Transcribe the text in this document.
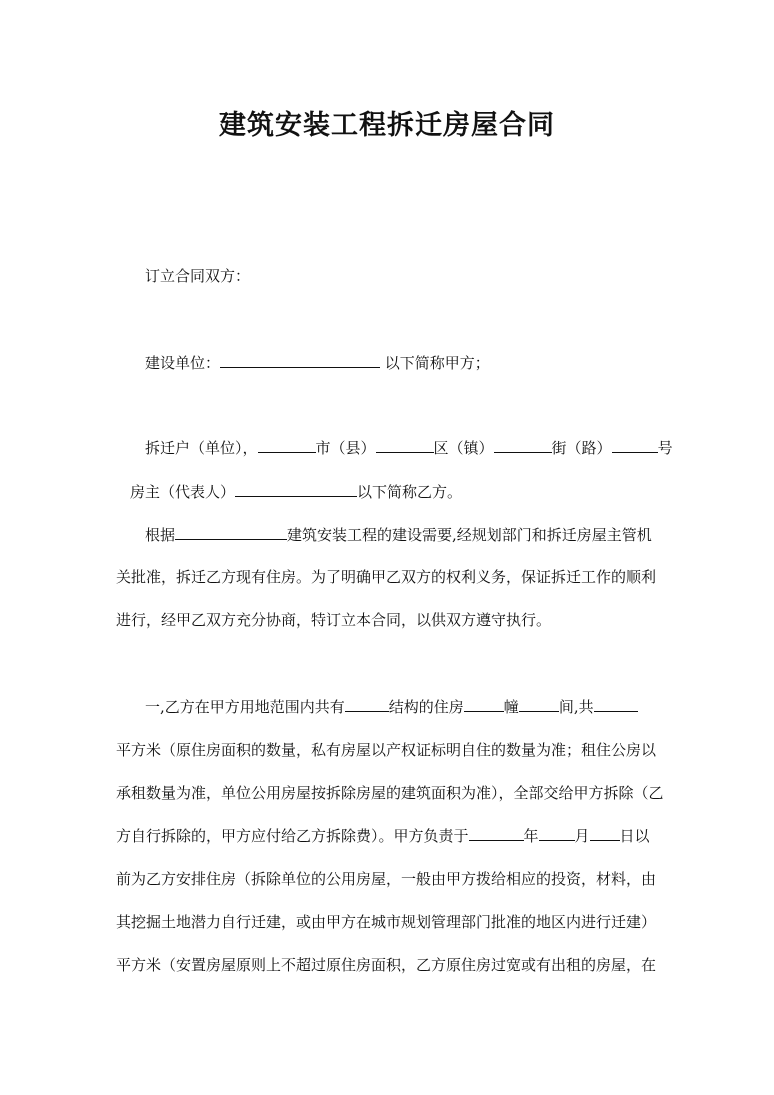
建筑安装工程拆迁房屋合同
订立合同双方：
建设单位：	以下简称甲方；
拆迁户（单位），	市（县）	区（镇）	街（路）	号
房主（代表人）	以下简称乙方。
根据	建筑安装工程的建设需要,经规划部门和拆迁房屋主管机
关批准，拆迁乙方现有住房。为了明确甲乙双方的权利义务，保证拆迁工作的顺利
进行，经甲乙双方充分协商，特订立本合同，以供双方遵守执行。
一,乙方在甲方用地范围内共有	结构的住房	幢	间,共
平方米（原住房面积的数量，私有房屋以产权证标明自住的数量为准；租住公房以
承租数量为准，单位公用房屋按拆除房屋的建筑面积为准），全部交给甲方拆除（乙
方自行拆除的，甲方应付给乙方拆除费）。甲方负责于	年 月 日以
前为乙方安排住房（拆除单位的公用房屋，一般由甲方拨给相应的投资，材料，由
其挖掘土地潜力自行迁建，或由甲方在城市规划管理部门批准的地区内进行迁建）
平方米（安置房屋原则上不超过原住房面积，乙方原住房过宽或有出租的房屋，在
